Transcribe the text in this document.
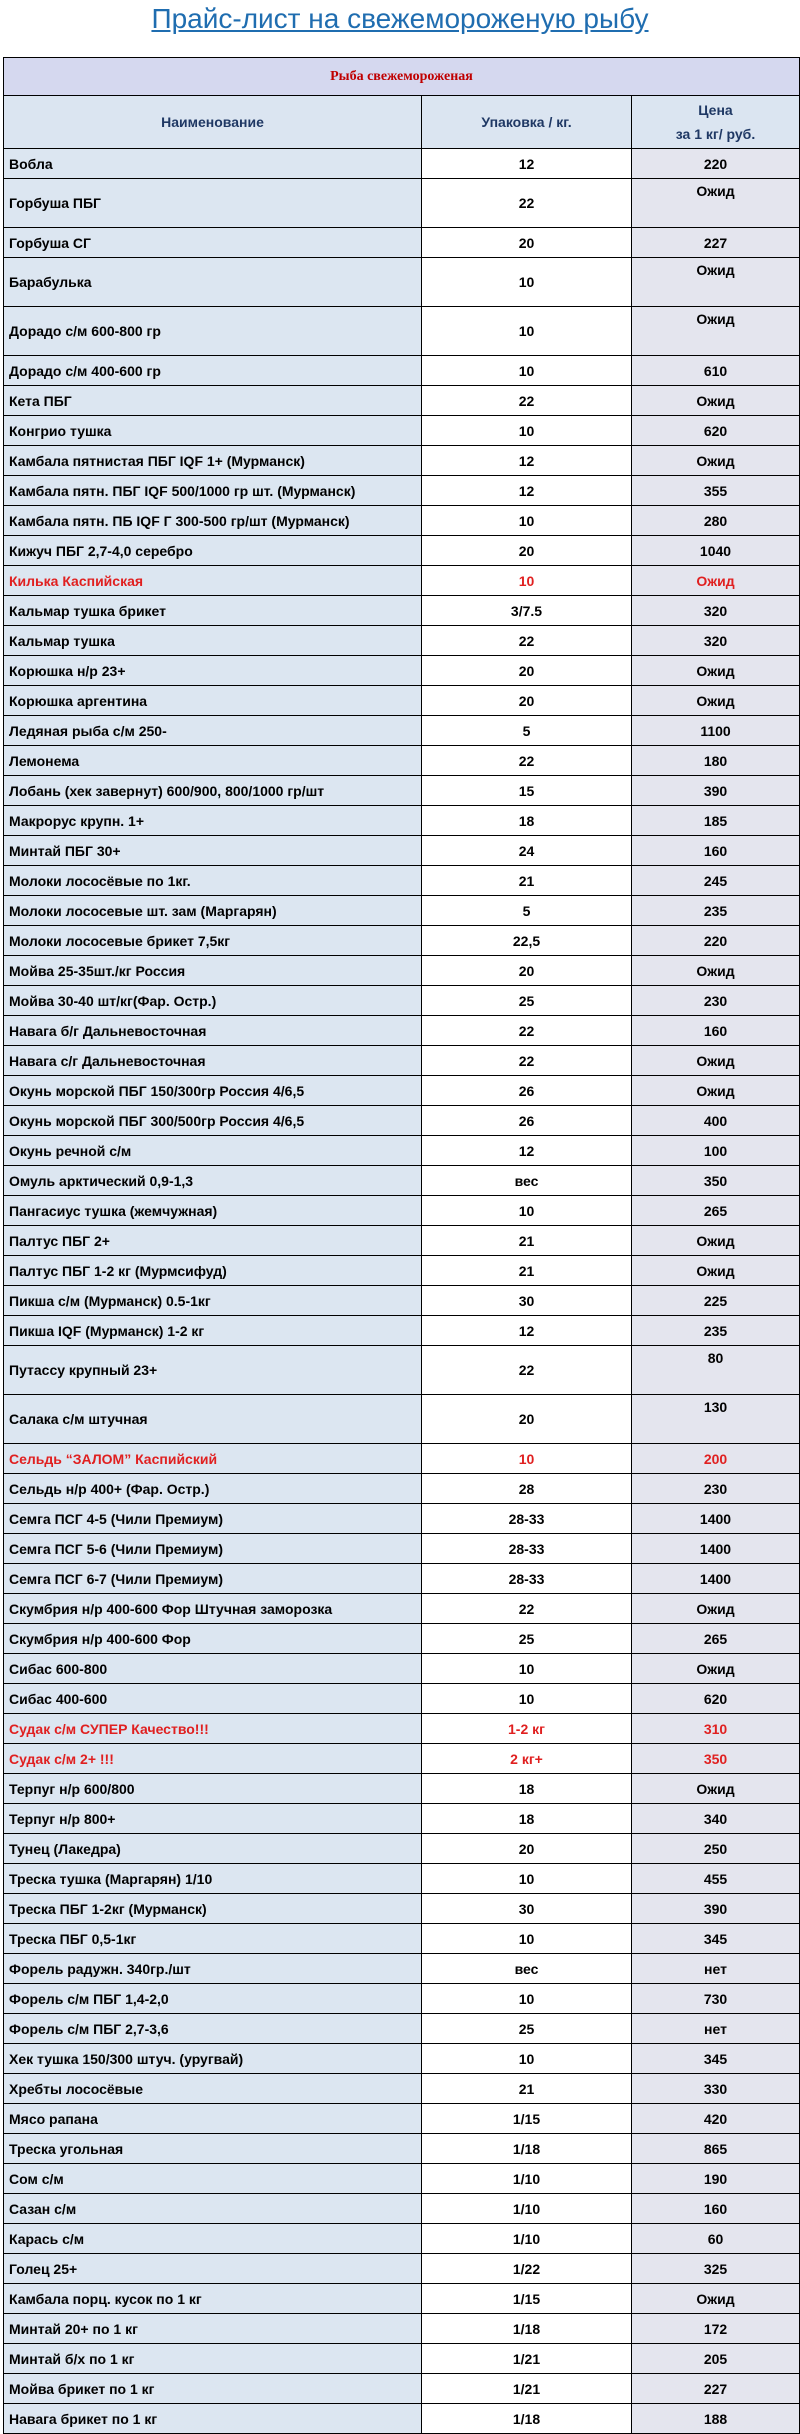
Прайс-лист на свежемороженую рыбу
Рыба свежемороженая		
Наименование	Упаковка / кг.	Цена
за 1 кг/ руб.
Вобла	12	220
Горбуша ПБГ	22	Ожид
Горбуша СГ	20	227
Барабулька	10	Ожид
Дорадо с/м 600-800 гр	10	Ожид
Дорадо с/м 400-600 гр	10	610
Кета ПБГ	22	Ожид
Конгрио тушка	10	620
Камбала пятнистая ПБГ IQF 1+ (Мурманск)	12	Ожид
Камбала пятн. ПБГ IQF 500/1000 гр шт. (Мурманск)	12	355
Камбала пятн. ПБ IQF Г 300-500 гр/шт (Мурманск)	10	280
Кижуч ПБГ 2,7-4,0 серебро	20	1040
Килька Каспийская	10	Ожид
Кальмар тушка брикет	3/7.5	320
Кальмар тушка	22	320
Корюшка н/р 23+	20	Ожид
Корюшка аргентина	20	Ожид
Ледяная рыба с/м 250-	5	1100
Лемонема	22	180
Лобань (хек завернут) 600/900, 800/1000 гр/шт	15	390
Макрорус крупн. 1+	18	185
Минтай ПБГ 30+	24	160
Молоки лососёвые по 1кг.	21	245
Молоки лососевые шт. зам (Маргарян)	5	235
Молоки лососевые брикет 7,5кг	22,5	220
Мойва 25-35шт./кг Россия	20	Ожид
Мойва 30-40 шт/кг(Фар. Остр.)	25	230
Навага б/г Дальневосточная	22	160
Навага с/г Дальневосточная	22	Ожид
Окунь морской ПБГ 150/300гр Россия 4/6,5	26	Ожид
Окунь морской ПБГ 300/500гр Россия 4/6,5	26	400
Окунь речной с/м	12	100
Омуль арктический 0,9-1,3	вес	350
Пангасиус тушка (жемчужная)	10	265
Палтус ПБГ 2+	21	Ожид
Палтус ПБГ 1-2 кг (Мурмсифуд)	21	Ожид
Пикша с/м (Мурманск) 0.5-1кг	30	225
Пикша IQF (Мурманск) 1-2 кг	12	235
Путассу крупный 23+	22	80
Салака с/м штучная	20	130
Сельдь “ЗАЛОМ” Каспийский	10	200
Сельдь н/р 400+ (Фар. Остр.)	28	230
Семга ПСГ 4-5 (Чили Премиум)	28-33	1400
Семга ПСГ 5-6 (Чили Премиум)	28-33	1400
Семга ПСГ 6-7 (Чили Премиум)	28-33	1400
Скумбрия н/р 400-600 Фор Штучная заморозка	22	Ожид
Скумбрия н/р 400-600 Фор	25	265
Сибас 600-800	10	Ожид
Сибас 400-600	10	620
Судак с/м СУПЕР Качество!!!	1-2 кг	310
Судак с/м 2+ !!!	2 кг+	350
Терпуг н/р 600/800	18	Ожид
Терпуг н/р 800+	18	340
Тунец (Лакедра)	20	250
Треска тушка (Маргарян) 1/10	10	455
Треска ПБГ 1-2кг (Мурманск)	30	390
Треска ПБГ 0,5-1кг	10	345
Форель радужн. 340гр./шт	вес	нет
Форель с/м ПБГ 1,4-2,0	10	730
Форель с/м ПБГ 2,7-3,6	25	нет
Хек тушка 150/300 штуч. (уругвай)	10	345
Хребты лососёвые	21	330
Мясо рапана	1/15	420
Треска угольная	1/18	865
Сом с/м	1/10	190
Сазан с/м	1/10	160
Карась с/м	1/10	60
Голец 25+	1/22	325
Камбала порц. кусок по 1 кг	1/15	Ожид
Минтай 20+ по 1 кг	1/18	172
Минтай б/х по 1 кг	1/21	205
Мойва брикет по 1 кг	1/21	227
Навага брикет по 1 кг	1/18	188
